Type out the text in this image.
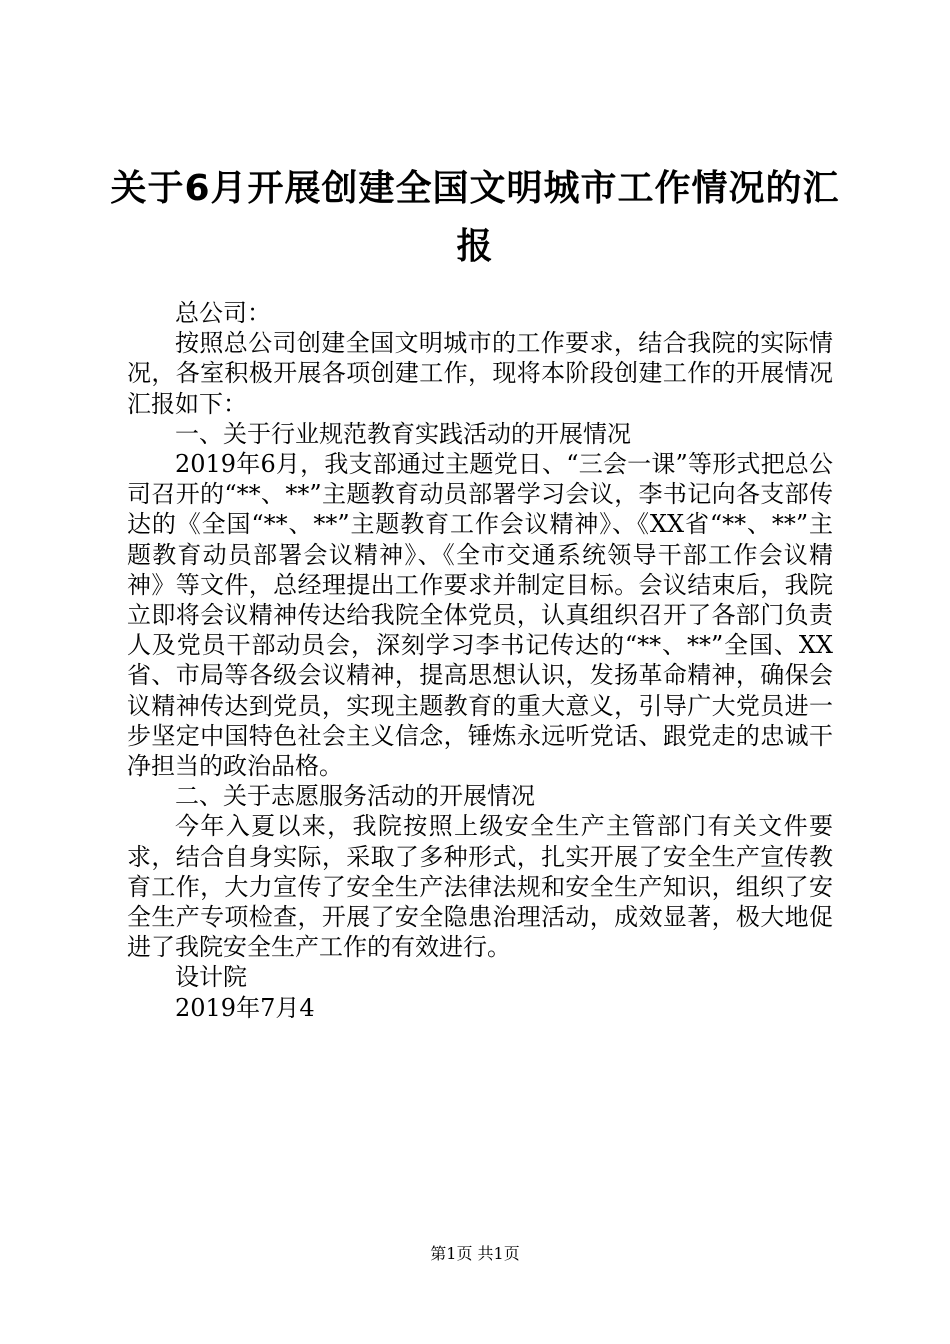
关于6月开展创建全国文明城市工作情况的汇报

总公司：

按照总公司创建全国文明城市的工作要求，结合我院的实际情况，各室积极开展各项创建工作，现将本阶段创建工作的开展情况汇报如下：

一、关于行业规范教育实践活动的开展情况

2019年6月，我支部通过主题党日、“三会一课”等形式把总公司召开的“**、**”主题教育动员部署学习会议，李书记向各支部传达的《全国“**、**”主题教育工作会议精神》、《XX省“**、**”主题教育动员部署会议精神》、《全市交通系统领导干部工作会议精神》等文件，总经理提出工作要求并制定目标。会议结束后，我院立即将会议精神传达给我院全体党员，认真组织召开了各部门负责人及党员干部动员会，深刻学习李书记传达的“**、**”全国、XX省、市局等各级会议精神，提高思想认识，发扬革命精神，确保会议精神传达到党员，实现主题教育的重大意义，引导广大党员进一步坚定中国特色社会主义信念，锤炼永远听党话、跟党走的忠诚干净担当的政治品格。

二、关于志愿服务活动的开展情况

今年入夏以来，我院按照上级安全生产主管部门有关文件要求，结合自身实际，采取了多种形式，扎实开展了安全生产宣传教育工作，大力宣传了安全生产法律法规和安全生产知识，组织了安全生产专项检查，开展了安全隐患治理活动，成效显著，极大地促进了我院安全生产工作的有效进行。

设计院

2019年7月4

第1页 共1页
